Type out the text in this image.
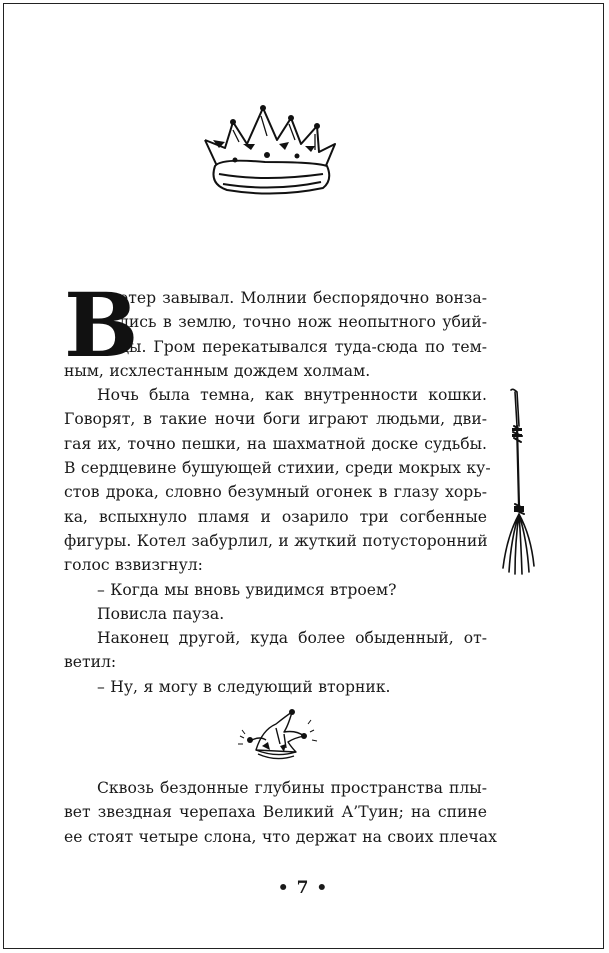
В
етер завывал. Молнии беспорядочно вонза-
лись в землю, точно нож неопытного убий-
цы. Гром перекатывался туда-сюда по тем-
ным, исхлестанным дождем холмам.
Ночь была темна, как внутренности кошки.
Говорят, в такие ночи боги играют людьми, дви-
гая их, точно пешки, на шахматной доске судьбы.
В сердцевине бушующей стихии, среди мокрых ку-
стов дрока, словно безумный огонек в глазу хорь-
ка, вспыхнуло пламя и озарило три согбенные
фигуры. Котел забурлил, и жуткий потусторонний
голос взвизгнул:
– Когда мы вновь увидимся втроем?
Повисла пауза.
Наконец другой, куда более обыденный, от-
ветил:
– Ну, я могу в следующий вторник.
Сквозь бездонные глубины пространства плы-
вет звездная черепаха Великий А’Туин; на спине
ее стоят четыре слона, что держат на своих плечах
• 7 •
